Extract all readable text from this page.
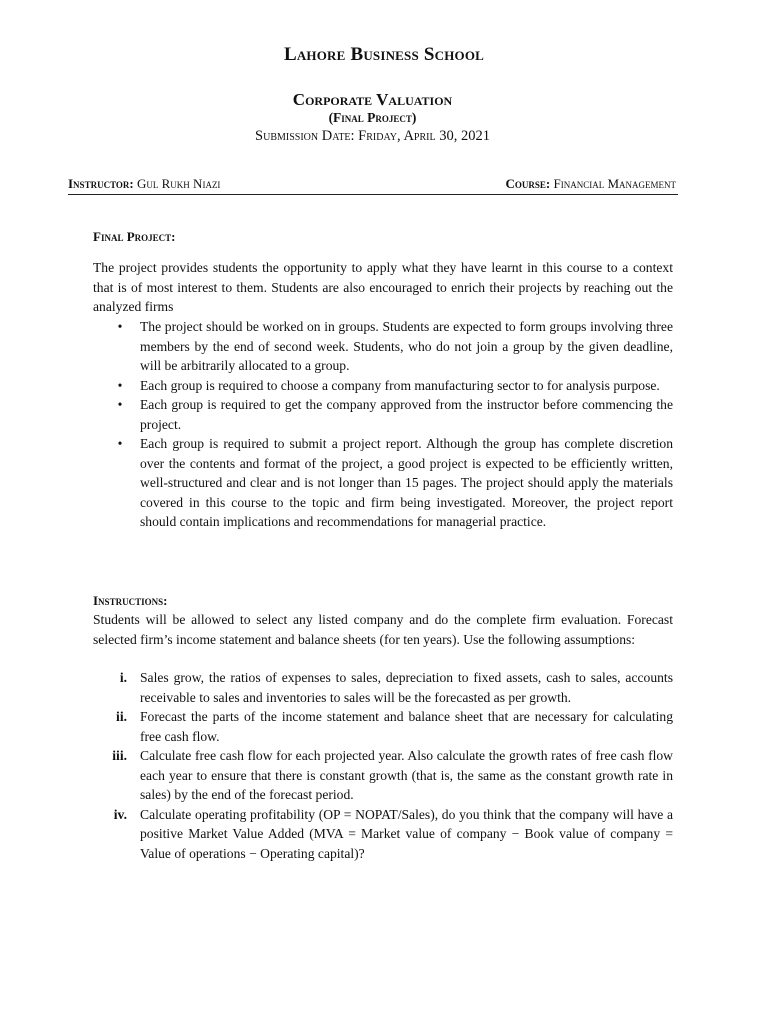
Lahore Business School
Corporate Valuation
(Final Project)
Submission Date: Friday, April 30, 2021
Instructor: Gul Rukh Niazi	Course: Financial Management
Final Project:
The project provides students the opportunity to apply what they have learnt in this course to a context that is of most interest to them. Students are also encouraged to enrich their projects by reaching out the analyzed firms
• The project should be worked on in groups. Students are expected to form groups involving three members by the end of second week. Students, who do not join a group by the given deadline, will be arbitrarily allocated to a group.
• Each group is required to choose a company from manufacturing sector to for analysis purpose.
• Each group is required to get the company approved from the instructor before commencing the project.
• Each group is required to submit a project report. Although the group has complete discretion over the contents and format of the project, a good project is expected to be efficiently written, well-structured and clear and is not longer than 15 pages. The project should apply the materials covered in this course to the topic and firm being investigated. Moreover, the project report should contain implications and recommendations for managerial practice.
Instructions:
Students will be allowed to select any listed company and do the complete firm evaluation. Forecast selected firm’s income statement and balance sheets (for ten years). Use the following assumptions:
i. Sales grow, the ratios of expenses to sales, depreciation to fixed assets, cash to sales, accounts receivable to sales and inventories to sales will be the forecasted as per growth.
ii. Forecast the parts of the income statement and balance sheet that are necessary for calculating free cash flow.
iii. Calculate free cash flow for each projected year. Also calculate the growth rates of free cash flow each year to ensure that there is constant growth (that is, the same as the constant growth rate in sales) by the end of the forecast period.
iv. Calculate operating profitability (OP = NOPAT/Sales), do you think that the company will have a positive Market Value Added (MVA = Market value of company − Book value of company = Value of operations − Operating capital)?
